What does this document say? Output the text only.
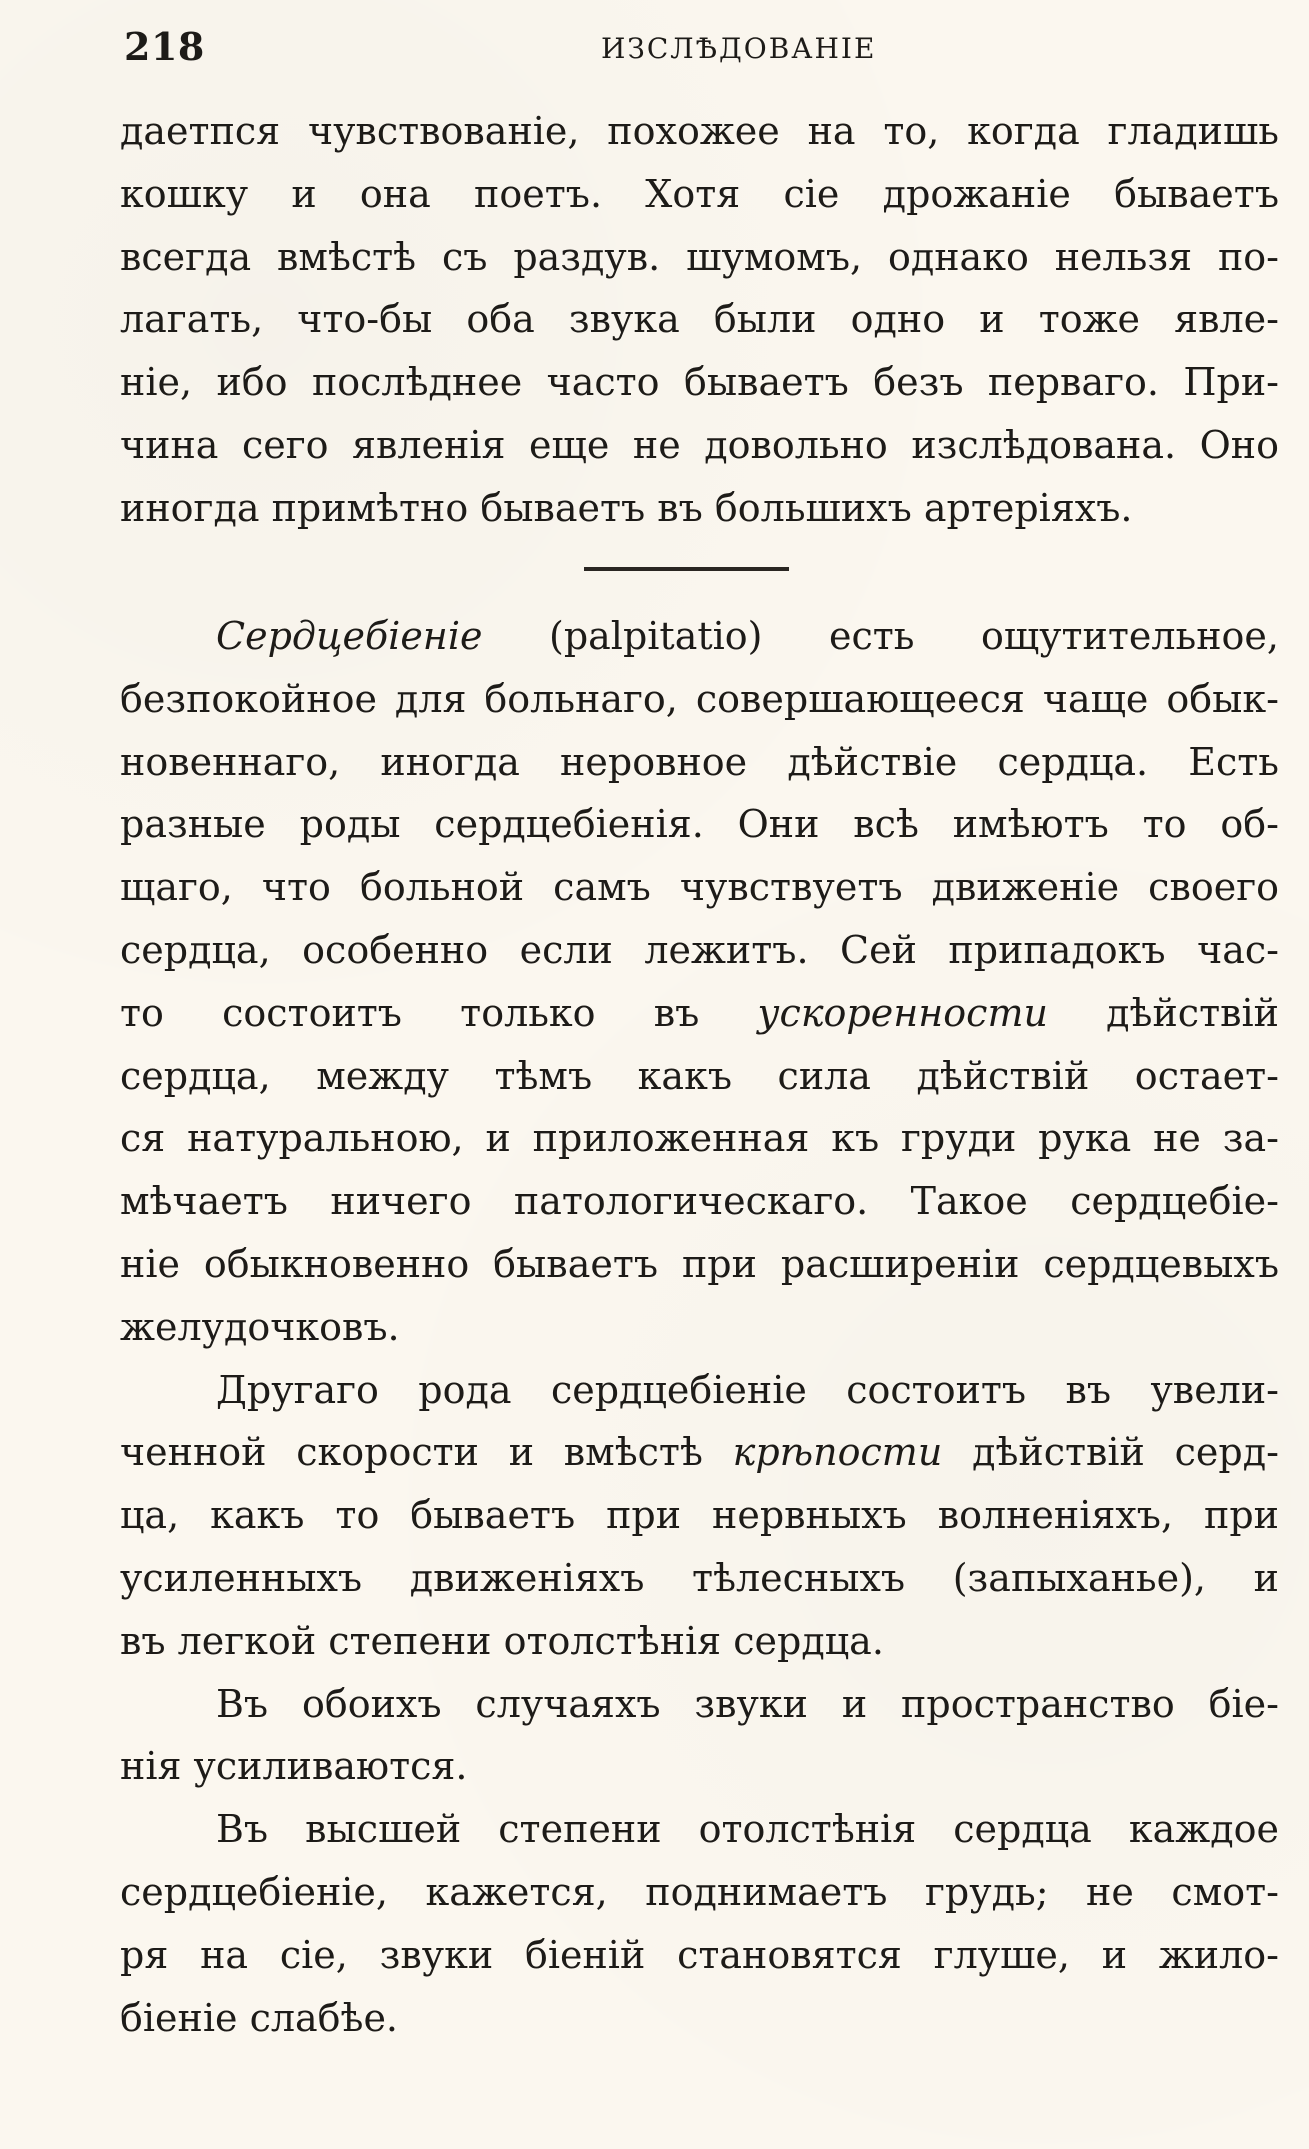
218	ИЗСЛѢДОВАНІЕ
даетпся чувствованіе, похожее на то, когда гладишь
кошку и она поетъ. Хотя сіе дрожаніе бываетъ
всегда вмѣстѣ съ раздув. шумомъ, однако нельзя по-
лагать, что-бы оба звука были одно и тоже явле-
ніе, ибо послѣднее часто бываетъ безъ перваго. При-
чина сего явленія еще не довольно изслѣдована. Оно
иногда примѣтно бываетъ въ большихъ артеріяхъ.
Сердцебіеніе (palpitatio) есть ощутительное,
безпокойное для больнаго, совершающееся чаще обык-
новеннаго, иногда неровное дѣйствіе сердца. Есть
разные роды сердцебіенія. Они всѣ имѣютъ то об-
щаго, что больной самъ чувствуетъ движеніе своего
сердца, особенно если лежитъ. Сей припадокъ час-
то состоитъ только въ ускоренности дѣйствій
сердца, между тѣмъ какъ сила дѣйствій остает-
ся натуральною, и приложенная къ груди рука не за-
мѣчаетъ ничего патологическаго. Такое сердцебіе-
ніе обыкновенно бываетъ при расширеніи сердцевыхъ
желудочковъ.
Другаго рода сердцебіеніе состоитъ въ увели-
ченной скорости и вмѣстѣ крѣпости дѣйствій серд-
ца, какъ то бываетъ при нервныхъ волненіяхъ, при
усиленныхъ движеніяхъ тѣлесныхъ (запыханье), и
въ легкой степени отолстѣнія сердца.
Въ обоихъ случаяхъ звуки и пространство біе-
нія усиливаются.
Въ высшей степени отолстѣнія сердца каждое
сердцебіеніе, кажется, поднимаетъ грудь; не смот-
ря на сіе, звуки біеній становятся глуше, и жило-
біеніе слабѣе.
